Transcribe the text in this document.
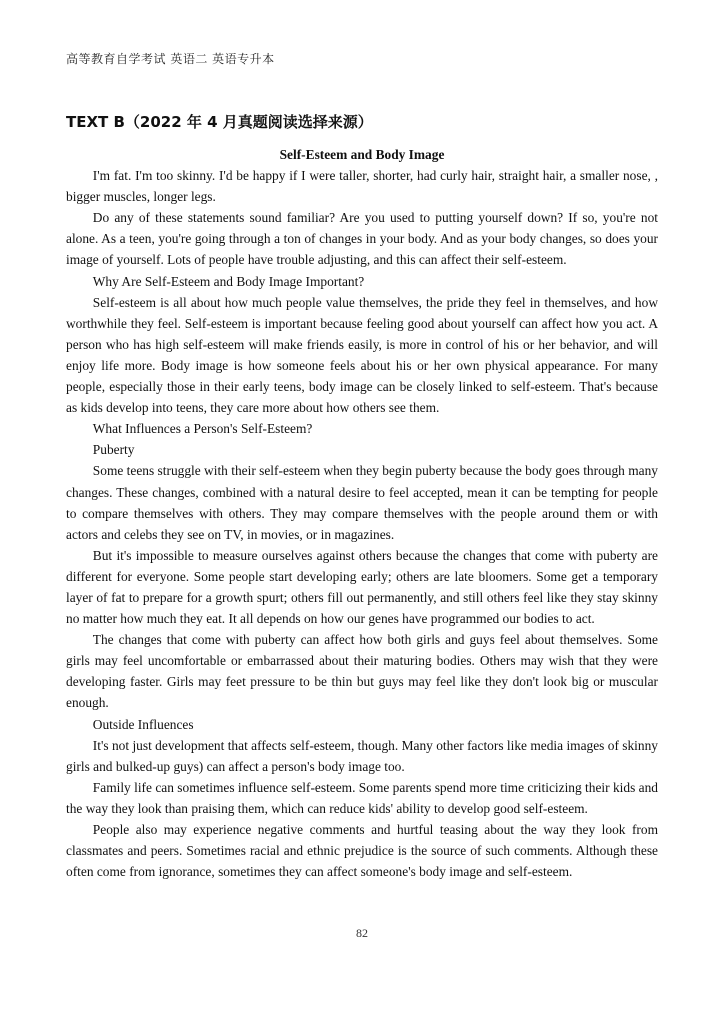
高等教育自学考试 英语二 英语专升本
TEXT B（2022 年 4 月真题阅读选择来源）
Self-Esteem and Body Image

I'm fat. I'm too skinny. I'd be happy if I were taller, shorter, had curly hair, straight hair, a smaller nose, , bigger muscles, longer legs.

Do any of these statements sound familiar? Are you used to putting yourself down? If so, you're not alone. As a teen, you're going through a ton of changes in your body. And as your body changes, so does your image of yourself. Lots of people have trouble adjusting, and this can affect their self-esteem.

Why Are Self-Esteem and Body Image Important?

Self-esteem is all about how much people value themselves, the pride they feel in themselves, and how worthwhile they feel. Self-esteem is important because feeling good about yourself can affect how you act. A person who has high self-esteem will make friends easily, is more in control of his or her behavior, and will enjoy life more. Body image is how someone feels about his or her own physical appearance. For many people, especially those in their early teens, body image can be closely linked to self-esteem. That's because as kids develop into teens, they care more about how others see them.

What Influences a Person's Self-Esteem?

Puberty

Some teens struggle with their self-esteem when they begin puberty because the body goes through many changes. These changes, combined with a natural desire to feel accepted, mean it can be tempting for people to compare themselves with others. They may compare themselves with the people around them or with actors and celebs they see on TV, in movies, or in magazines.

But it's impossible to measure ourselves against others because the changes that come with puberty are different for everyone. Some people start developing early; others are late bloomers. Some get a temporary layer of fat to prepare for a growth spurt; others fill out permanently, and still others feel like they stay skinny no matter how much they eat. It all depends on how our genes have programmed our bodies to act.

The changes that come with puberty can affect how both girls and guys feel about themselves. Some girls may feel uncomfortable or embarrassed about their maturing bodies. Others may wish that they were developing faster. Girls may feet pressure to be thin but guys may feel like they don't look big or muscular enough.

Outside Influences

It's not just development that affects self-esteem, though. Many other factors like media images of skinny girls and bulked-up guys) can affect a person's body image too.

Family life can sometimes influence self-esteem. Some parents spend more time criticizing their kids and the way they look than praising them, which can reduce kids' ability to develop good self-esteem.

People also may experience negative comments and hurtful teasing about the way they look from classmates and peers. Sometimes racial and ethnic prejudice is the source of such comments. Although these often come from ignorance, sometimes they can affect someone's body image and self-esteem.

82
